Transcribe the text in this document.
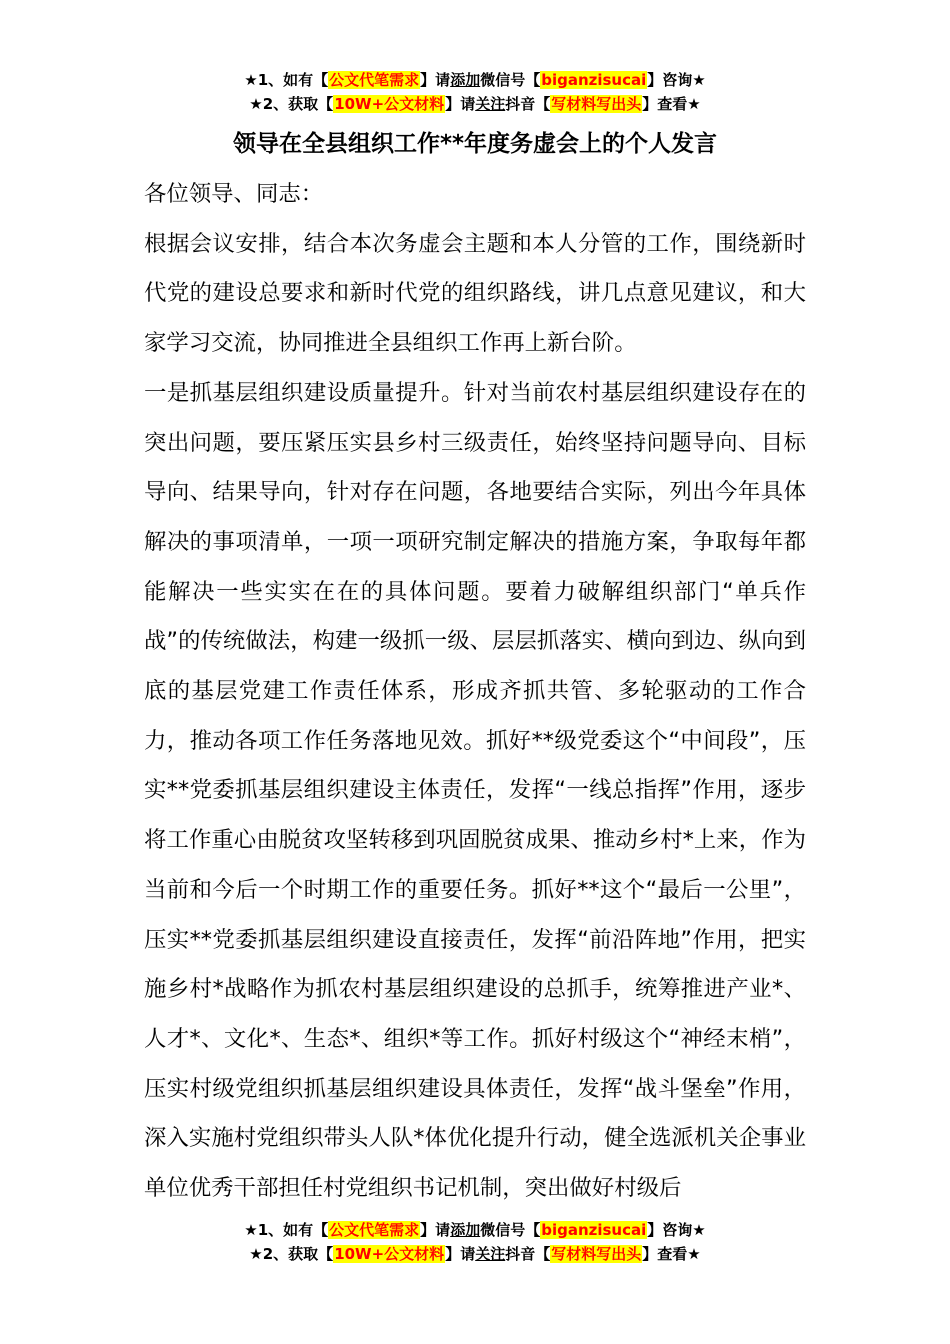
★1、如有【公文代笔需求】请添加微信号【biganzisucai】咨询★
★2、获取【10W+公文材料】请关注抖音【写材料写出头】查看★
领导在全县组织工作**年度务虚会上的个人发言

各位领导、同志：

根据会议安排，结合本次务虚会主题和本人分管的工作，围绕新时代党的建设总要求和新时代党的组织路线，讲几点意见建议，和大家学习交流，协同推进全县组织工作再上新台阶。

一是抓基层组织建设质量提升。针对当前农村基层组织建设存在的突出问题，要压紧压实县乡村三级责任，始终坚持问题导向、目标导向、结果导向，针对存在问题，各地要结合实际，列出今年具体解决的事项清单，一项一项研究制定解决的措施方案，争取每年都能解决一些实实在在的具体问题。要着力破解组织部门“单兵作战”的传统做法，构建一级抓一级、层层抓落实、横向到边、纵向到底的基层党建工作责任体系，形成齐抓共管、多轮驱动的工作合力，推动各项工作任务落地见效。抓好**级党委这个“中间段”，压实**党委抓基层组织建设主体责任，发挥“一线总指挥”作用，逐步将工作重心由脱贫攻坚转移到巩固脱贫成果、推动乡村*上来，作为当前和今后一个时期工作的重要任务。抓好**这个“最后一公里”，压实**党委抓基层组织建设直接责任，发挥“前沿阵地”作用，把实施乡村*战略作为抓农村基层组织建设的总抓手，统筹推进产业*、人才*、文化*、生态*、组织*等工作。抓好村级这个“神经末梢”，压实村级党组织抓基层组织建设具体责任，发挥“战斗堡垒”作用，深入实施村党组织带头人队*体优化提升行动，健全选派机关企事业单位优秀干部担任村党组织书记机制，突出做好村级后

★1、如有【公文代笔需求】请添加微信号【biganzisucai】咨询★
★2、获取【10W+公文材料】请关注抖音【写材料写出头】查看★
